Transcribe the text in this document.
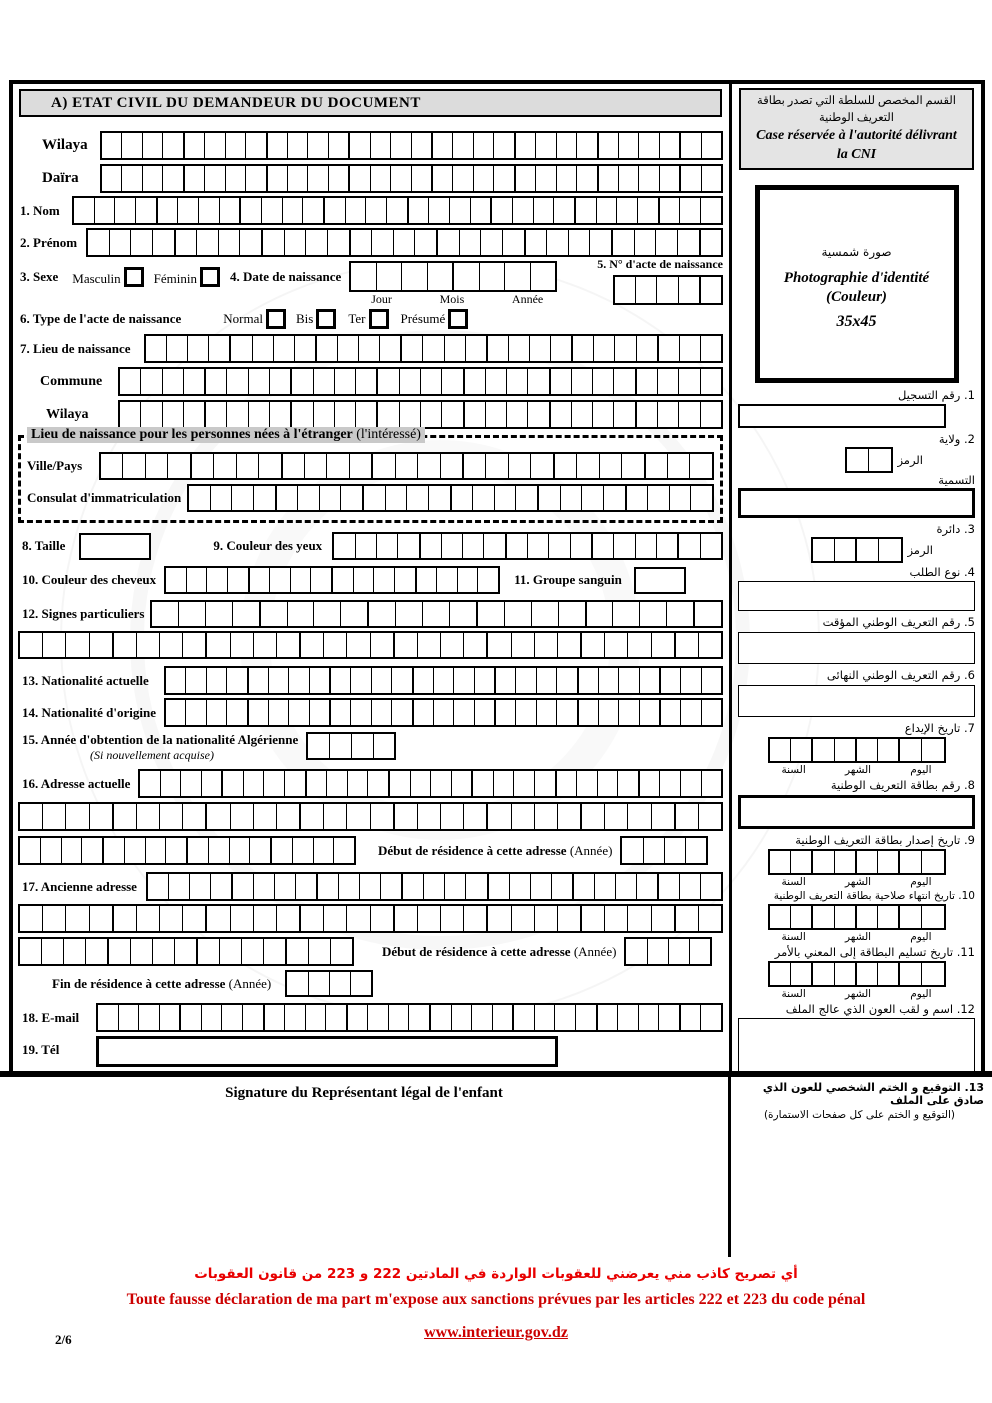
A) ETAT CIVIL DU DEMANDEUR DU DOCUMENT
Wilaya
Daïra
1. Nom
2. Prénom
3. Sexe Masculin	Féminin	4. Date de naissance
Jour	Mois	Année
5. N° d'acte de naissance
6. Type de l'acte de naissance	Normal	Bis	Ter	Présumé
7. Lieu de naissance
Commune
Wilaya
Lieu de naissance pour les personnes nées à l'étranger (l'intéressé)
Ville/Pays
Consulat d'immatriculation
8. Taille	9. Couleur des yeux
10. Couleur des cheveux	11. Groupe sanguin
12. Signes particuliers
13. Nationalité actuelle
14. Nationalité d'origine
15. Année d'obtention de la nationalité Algérienne
(Si nouvellement acquise)
16. Adresse actuelle
Début de résidence à cette adresse (Année)
17. Ancienne adresse
Début de résidence à cette adresse (Année)
Fin de résidence à cette adresse (Année)
18. E-mail
19. Tél
القسم المخصص للسلطة التي تصدر بطاقة
التعريف الوطنية
Case réservée à l'autorité délivrant
la CNI
صورة شمسية
Photographie d'identité
(Couleur)
35x45
1. رقم التسجيل
2. ولاية
الرمز
التسمية
3. دائرة
الرمز
4. نوع الطلب
5. رقم التعريف الوطني المؤقت
6. رقم التعريف الوطني النهائى
7. تاريخ الإيداع
اليوم
الشهر
السنة
8. رقم بطاقة التعريف الوطنية
9. تاريخ إصدار بطاقة التعريف الوطنية
اليوم
الشهر
السنة
10. تاريخ انتهاء صلاحية بطاقة التعريف الوطنية
اليوم
الشهر
السنة
11. تاريخ تسليم البطاقة إلى المعني بالأمر
اليوم
الشهر
السنة
12. اسم و لقب العون الذي عالج الملف
Signature du Représentant légal de l'enfant	13. التوقيع و الختم الشخصي للعون الذي صادق على الملف
(التوقيع و الختم على كل صفحات الاستمارة)
أي تصريح كاذب مني يعرضني للعقوبات الواردة في المادتين 222 و 223 من قانون العقوبات
Toute fausse déclaration de ma part m'expose aux sanctions prévues par les articles 222 et 223 du code pénal
2/6	www.interieur.gov.dz
